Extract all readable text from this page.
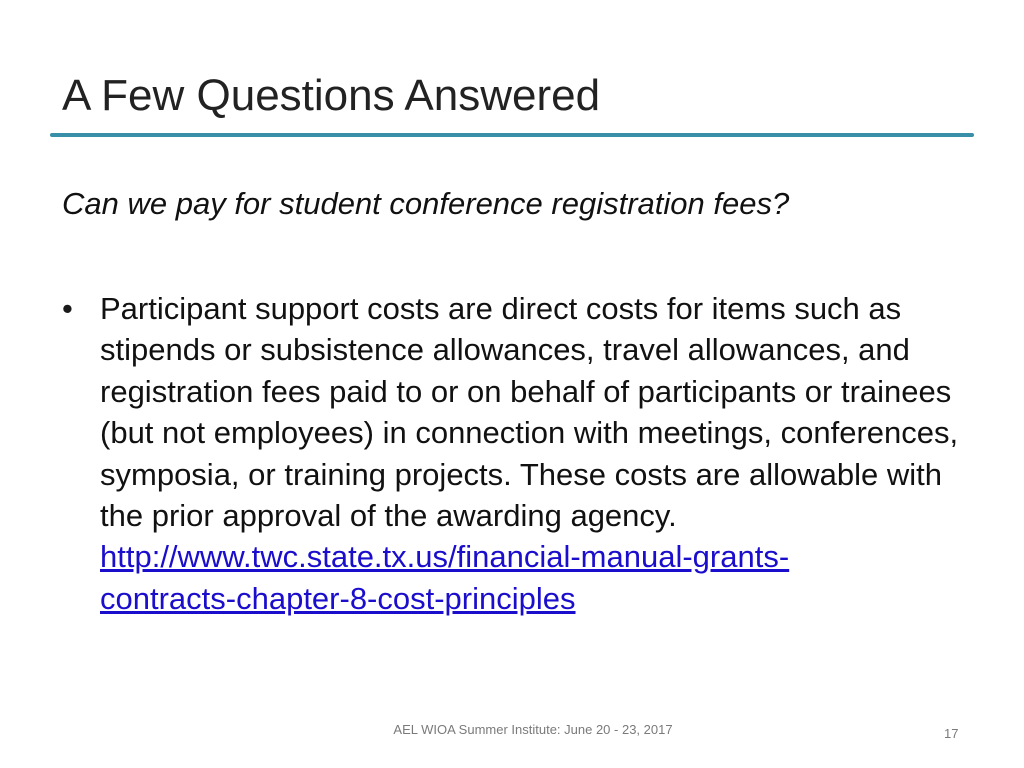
A Few Questions Answered
Can we pay for student conference registration fees?
• Participant support costs are direct costs for items such as stipends or subsistence allowances, travel allowances, and registration fees paid to or on behalf of participants or trainees (but not employees) in connection with meetings, conferences, symposia, or training projects. These costs are allowable with the prior approval of the awarding agency.
http://www.twc.state.tx.us/financial-manual-grants-
contracts-chapter-8-cost-principles
AEL WIOA Summer Institute: June 20 - 23, 2017	17
